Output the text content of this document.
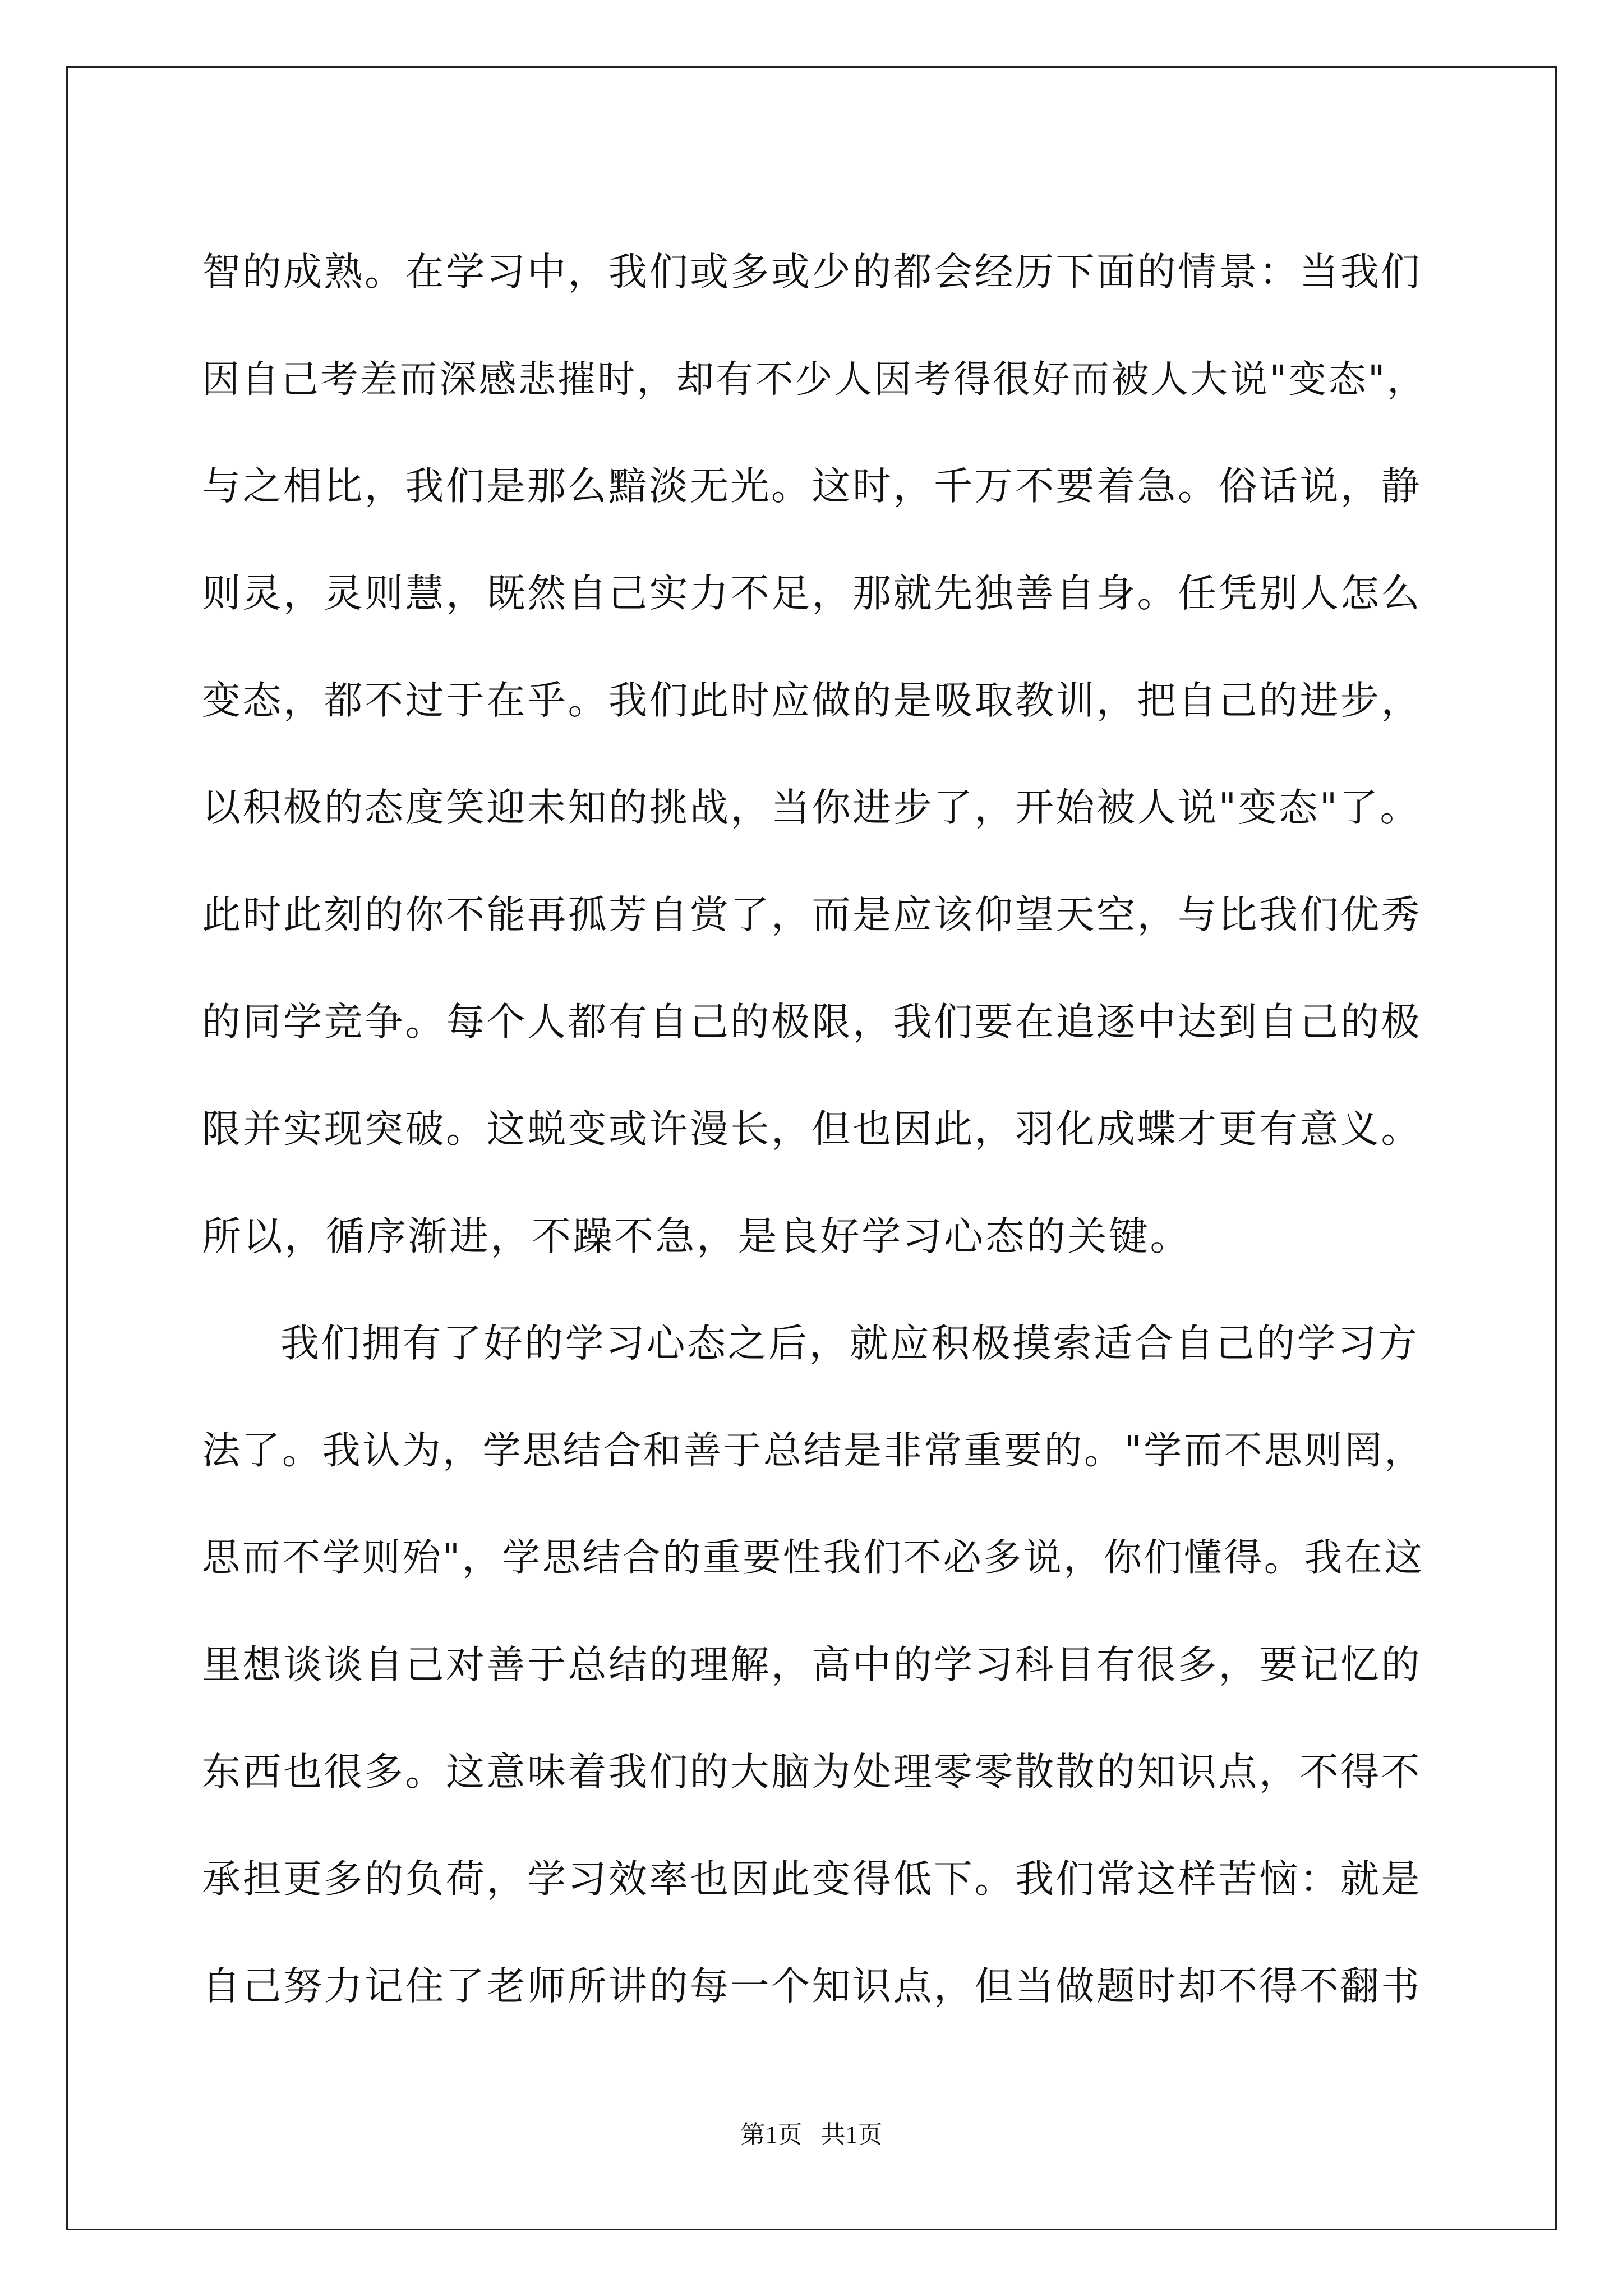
智的成熟。在学习中，我们或多或少的都会经历下面的情景：当我们
因自己考差而深感悲摧时，却有不少人因考得很好而被人大说"变态"，
与之相比，我们是那么黯淡无光。这时，千万不要着急。俗话说，静
则灵，灵则慧，既然自己实力不足，那就先独善自身。任凭别人怎么
变态，都不过于在乎。我们此时应做的是吸取教训，把自己的进步，
以积极的态度笑迎未知的挑战，当你进步了，开始被人说"变态"了。
此时此刻的你不能再孤芳自赏了，而是应该仰望天空，与比我们优秀
的同学竞争。每个人都有自己的极限，我们要在追逐中达到自己的极
限并实现突破。这蜕变或许漫长，但也因此，羽化成蝶才更有意义。
所以，循序渐进，不躁不急，是良好学习心态的关键。
我们拥有了好的学习心态之后，就应积极摸索适合自己的学习方
法了。我认为，学思结合和善于总结是非常重要的。"学而不思则罔，
思而不学则殆"，学思结合的重要性我们不必多说，你们懂得。我在这
里想谈谈自己对善于总结的理解，高中的学习科目有很多，要记忆的
东西也很多。这意味着我们的大脑为处理零零散散的知识点，不得不
承担更多的负荷，学习效率也因此变得低下。我们常这样苦恼：就是
自己努力记住了老师所讲的每一个知识点，但当做题时却不得不翻书
第1页 共1页
